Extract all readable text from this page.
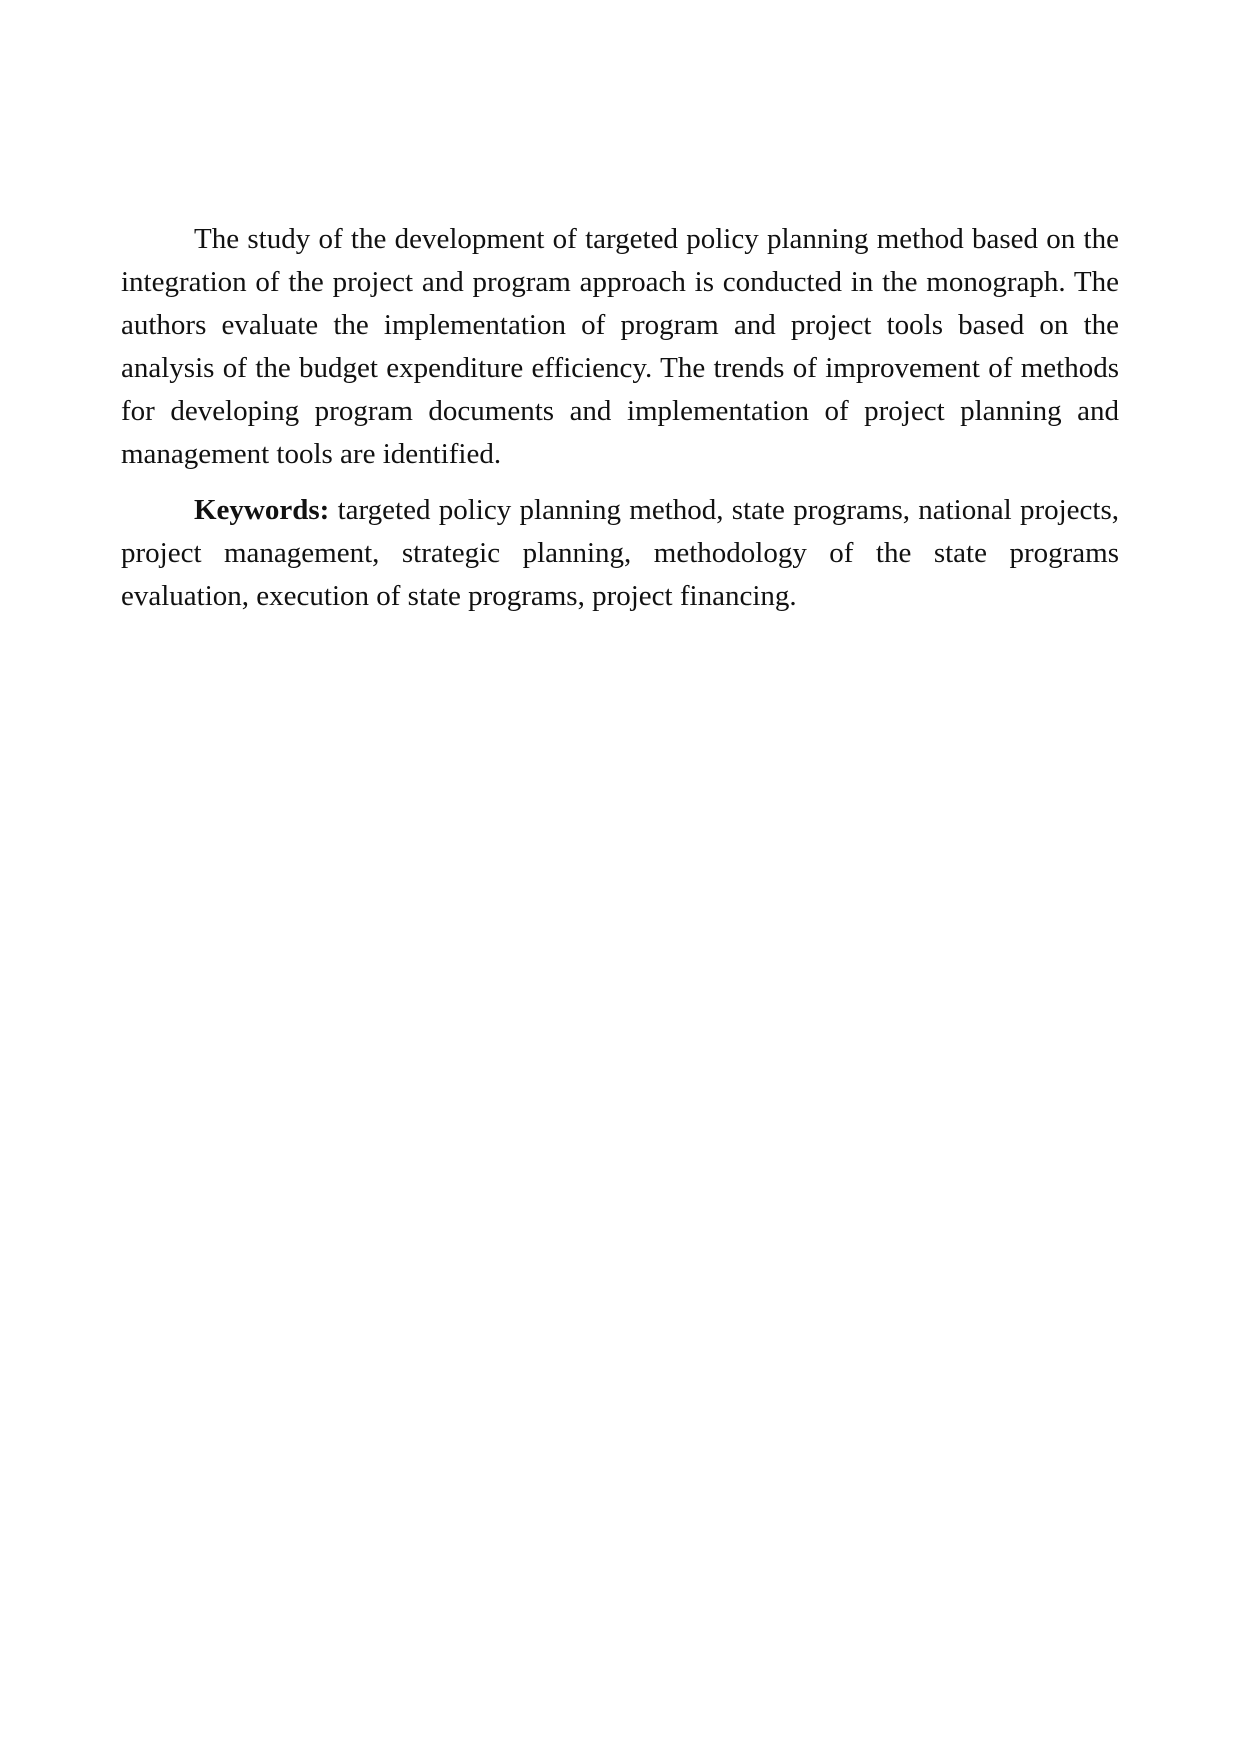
The study of the development of targeted policy planning method based on the integration of the project and program approach is conducted in the monograph. The authors evaluate the implementation of program and project tools based on the analysis of the budget expenditure efficiency. The trends of improvement of methods for developing program documents and implementation of project planning and management tools are identified.

Keywords: targeted policy planning method, state programs, national projects, project management, strategic planning, methodology of the state programs evaluation, execution of state programs, project financing.
